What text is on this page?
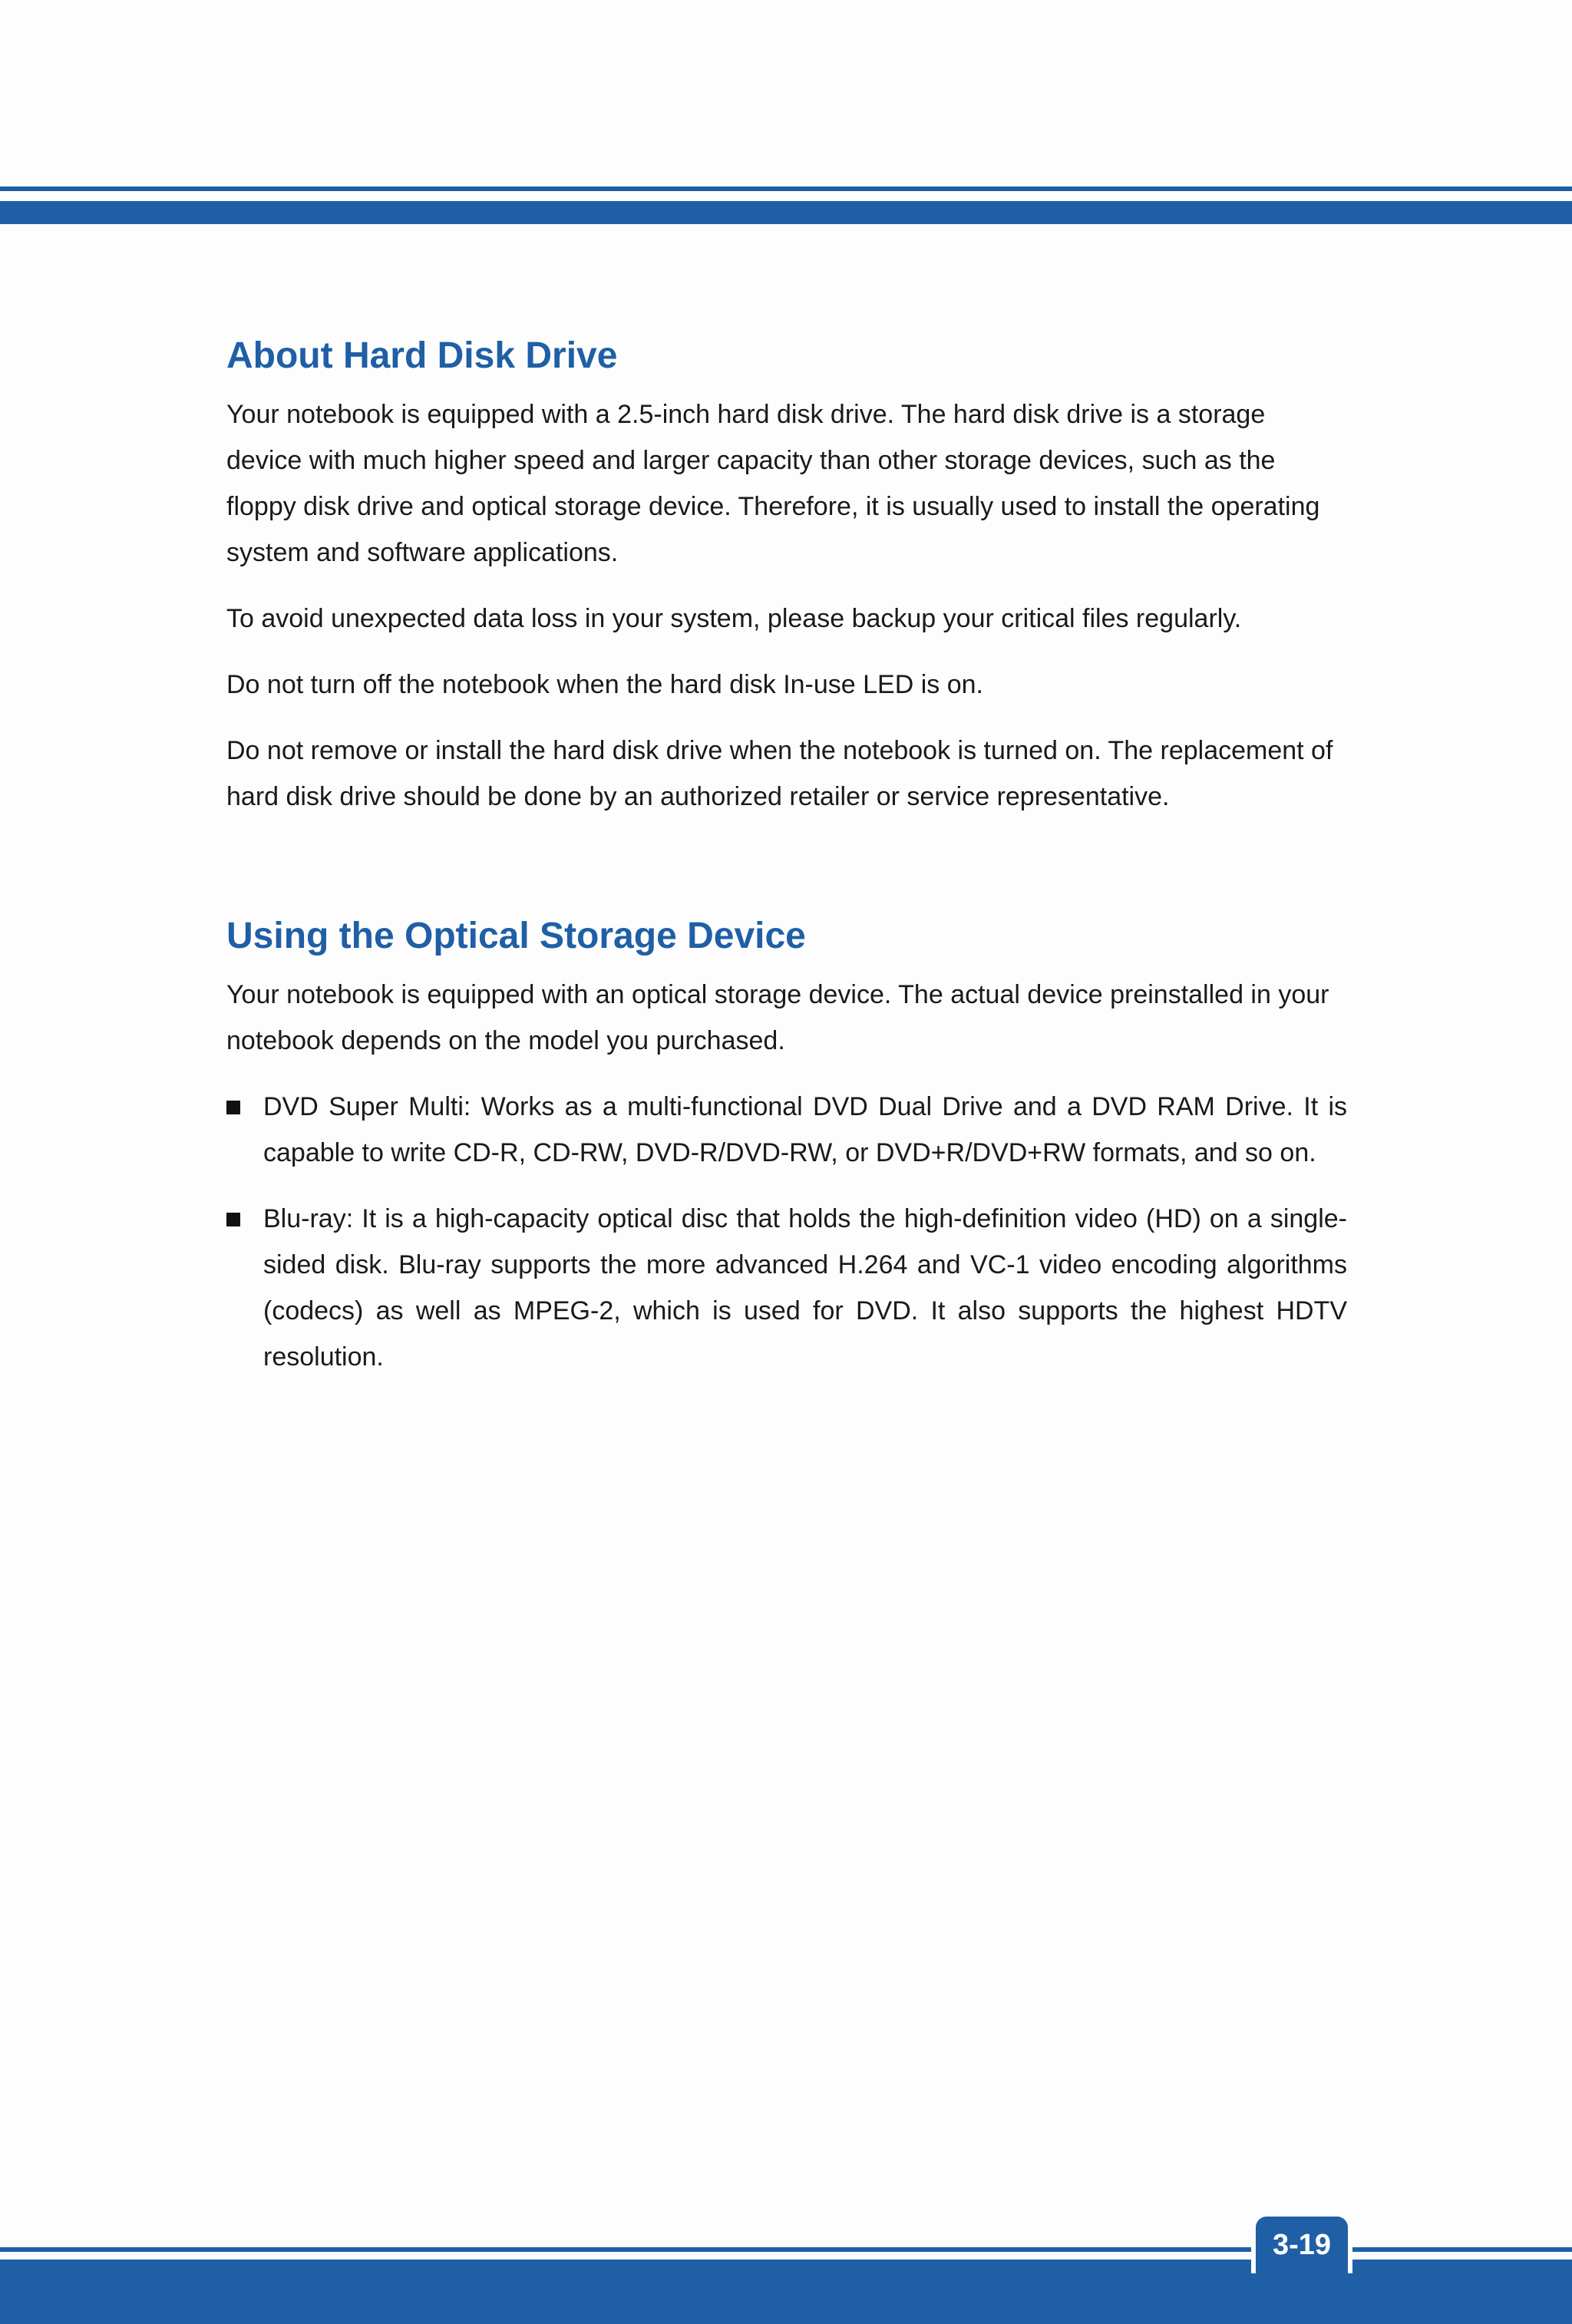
About Hard Disk Drive

Your notebook is equipped with a 2.5-inch hard disk drive. The hard disk drive is a storage device with much higher speed and larger capacity than other storage devices, such as the floppy disk drive and optical storage device. Therefore, it is usually used to install the operating system and software applications.

To avoid unexpected data loss in your system, please backup your critical files regularly.

Do not turn off the notebook when the hard disk In-use LED is on.

Do not remove or install the hard disk drive when the notebook is turned on. The replacement of hard disk drive should be done by an authorized retailer or service representative.

Using the Optical Storage Device

Your notebook is equipped with an optical storage device. The actual device preinstalled in your notebook depends on the model you purchased.

DVD Super Multi: Works as a multi-functional DVD Dual Drive and a DVD RAM Drive. It is capable to write CD-R, CD-RW, DVD-R/DVD-RW, or DVD+R/DVD+RW formats, and so on.
Blu-ray: It is a high-capacity optical disc that holds the high-definition video (HD) on a single-sided disk. Blu-ray supports the more advanced H.264 and VC-1 video encoding algorithms (codecs) as well as MPEG-2, which is used for DVD. It also supports the highest HDTV resolution.
3-19
